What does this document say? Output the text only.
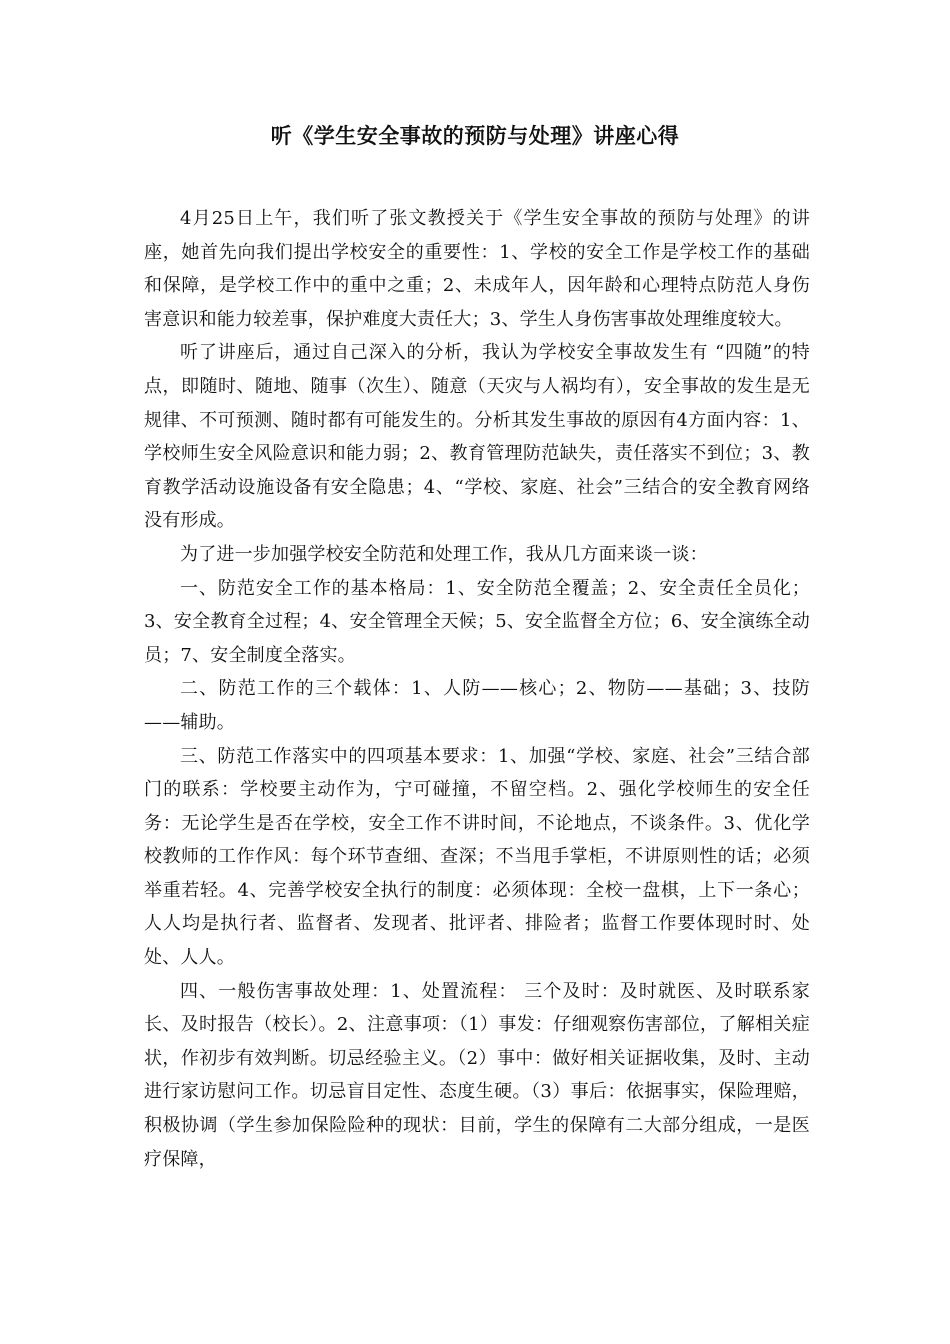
听《学生安全事故的预防与处理》讲座心得

4月25日上午，我们听了张文教授关于《学生安全事故的预防与处理》的讲座，她首先向我们提出学校安全的重要性：1、学校的安全工作是学校工作的基础和保障，是学校工作中的重中之重；2、未成年人，因年龄和心理特点防范人身伤害意识和能力较差事，保护难度大责任大；3、学生人身伤害事故处理维度较大。

听了讲座后，通过自己深入的分析，我认为学校安全事故发生有 “四随”的特点，即随时、随地、随事（次生）、随意（天灾与人祸均有），安全事故的发生是无规律、不可预测、随时都有可能发生的。分析其发生事故的原因有4方面内容：1、学校师生安全风险意识和能力弱；2、教育管理防范缺失，责任落实不到位；3、教育教学活动设施设备有安全隐患；4、“学校、家庭、社会”三结合的安全教育网络没有形成。

为了进一步加强学校安全防范和处理工作，我从几方面来谈一谈：

一、防范安全工作的基本格局：1、安全防范全覆盖；2、安全责任全员化；3、安全教育全过程；4、安全管理全天候；5、安全监督全方位；6、安全演练全动员；7、安全制度全落实。

二、防范工作的三个载体：1、人防——核心；2、物防——基础；3、技防——辅助。

三、防范工作落实中的四项基本要求：1、加强“学校、家庭、社会”三结合部门的联系：学校要主动作为，宁可碰撞，不留空档。2、强化学校师生的安全任务：无论学生是否在学校，安全工作不讲时间，不论地点，不谈条件。3、优化学校教师的工作作风：每个环节查细、查深；不当甩手掌柜，不讲原则性的话；必须举重若轻。4、完善学校安全执行的制度：必须体现：全校一盘棋，上下一条心；人人均是执行者、监督者、发现者、批评者、排险者；监督工作要体现时时、处处、人人。

四、一般伤害事故处理：1、处置流程： 三个及时：及时就医、及时联系家长、及时报告（校长）。2、注意事项：（1）事发：仔细观察伤害部位，了解相关症状，作初步有效判断。切忌经验主义。（2）事中：做好相关证据收集，及时、主动进行家访慰问工作。切忌盲目定性、态度生硬。（3）事后：依据事实，保险理赔，积极协调（学生参加保险险种的现状：目前，学生的保障有二大部分组成，一是医疗保障，
